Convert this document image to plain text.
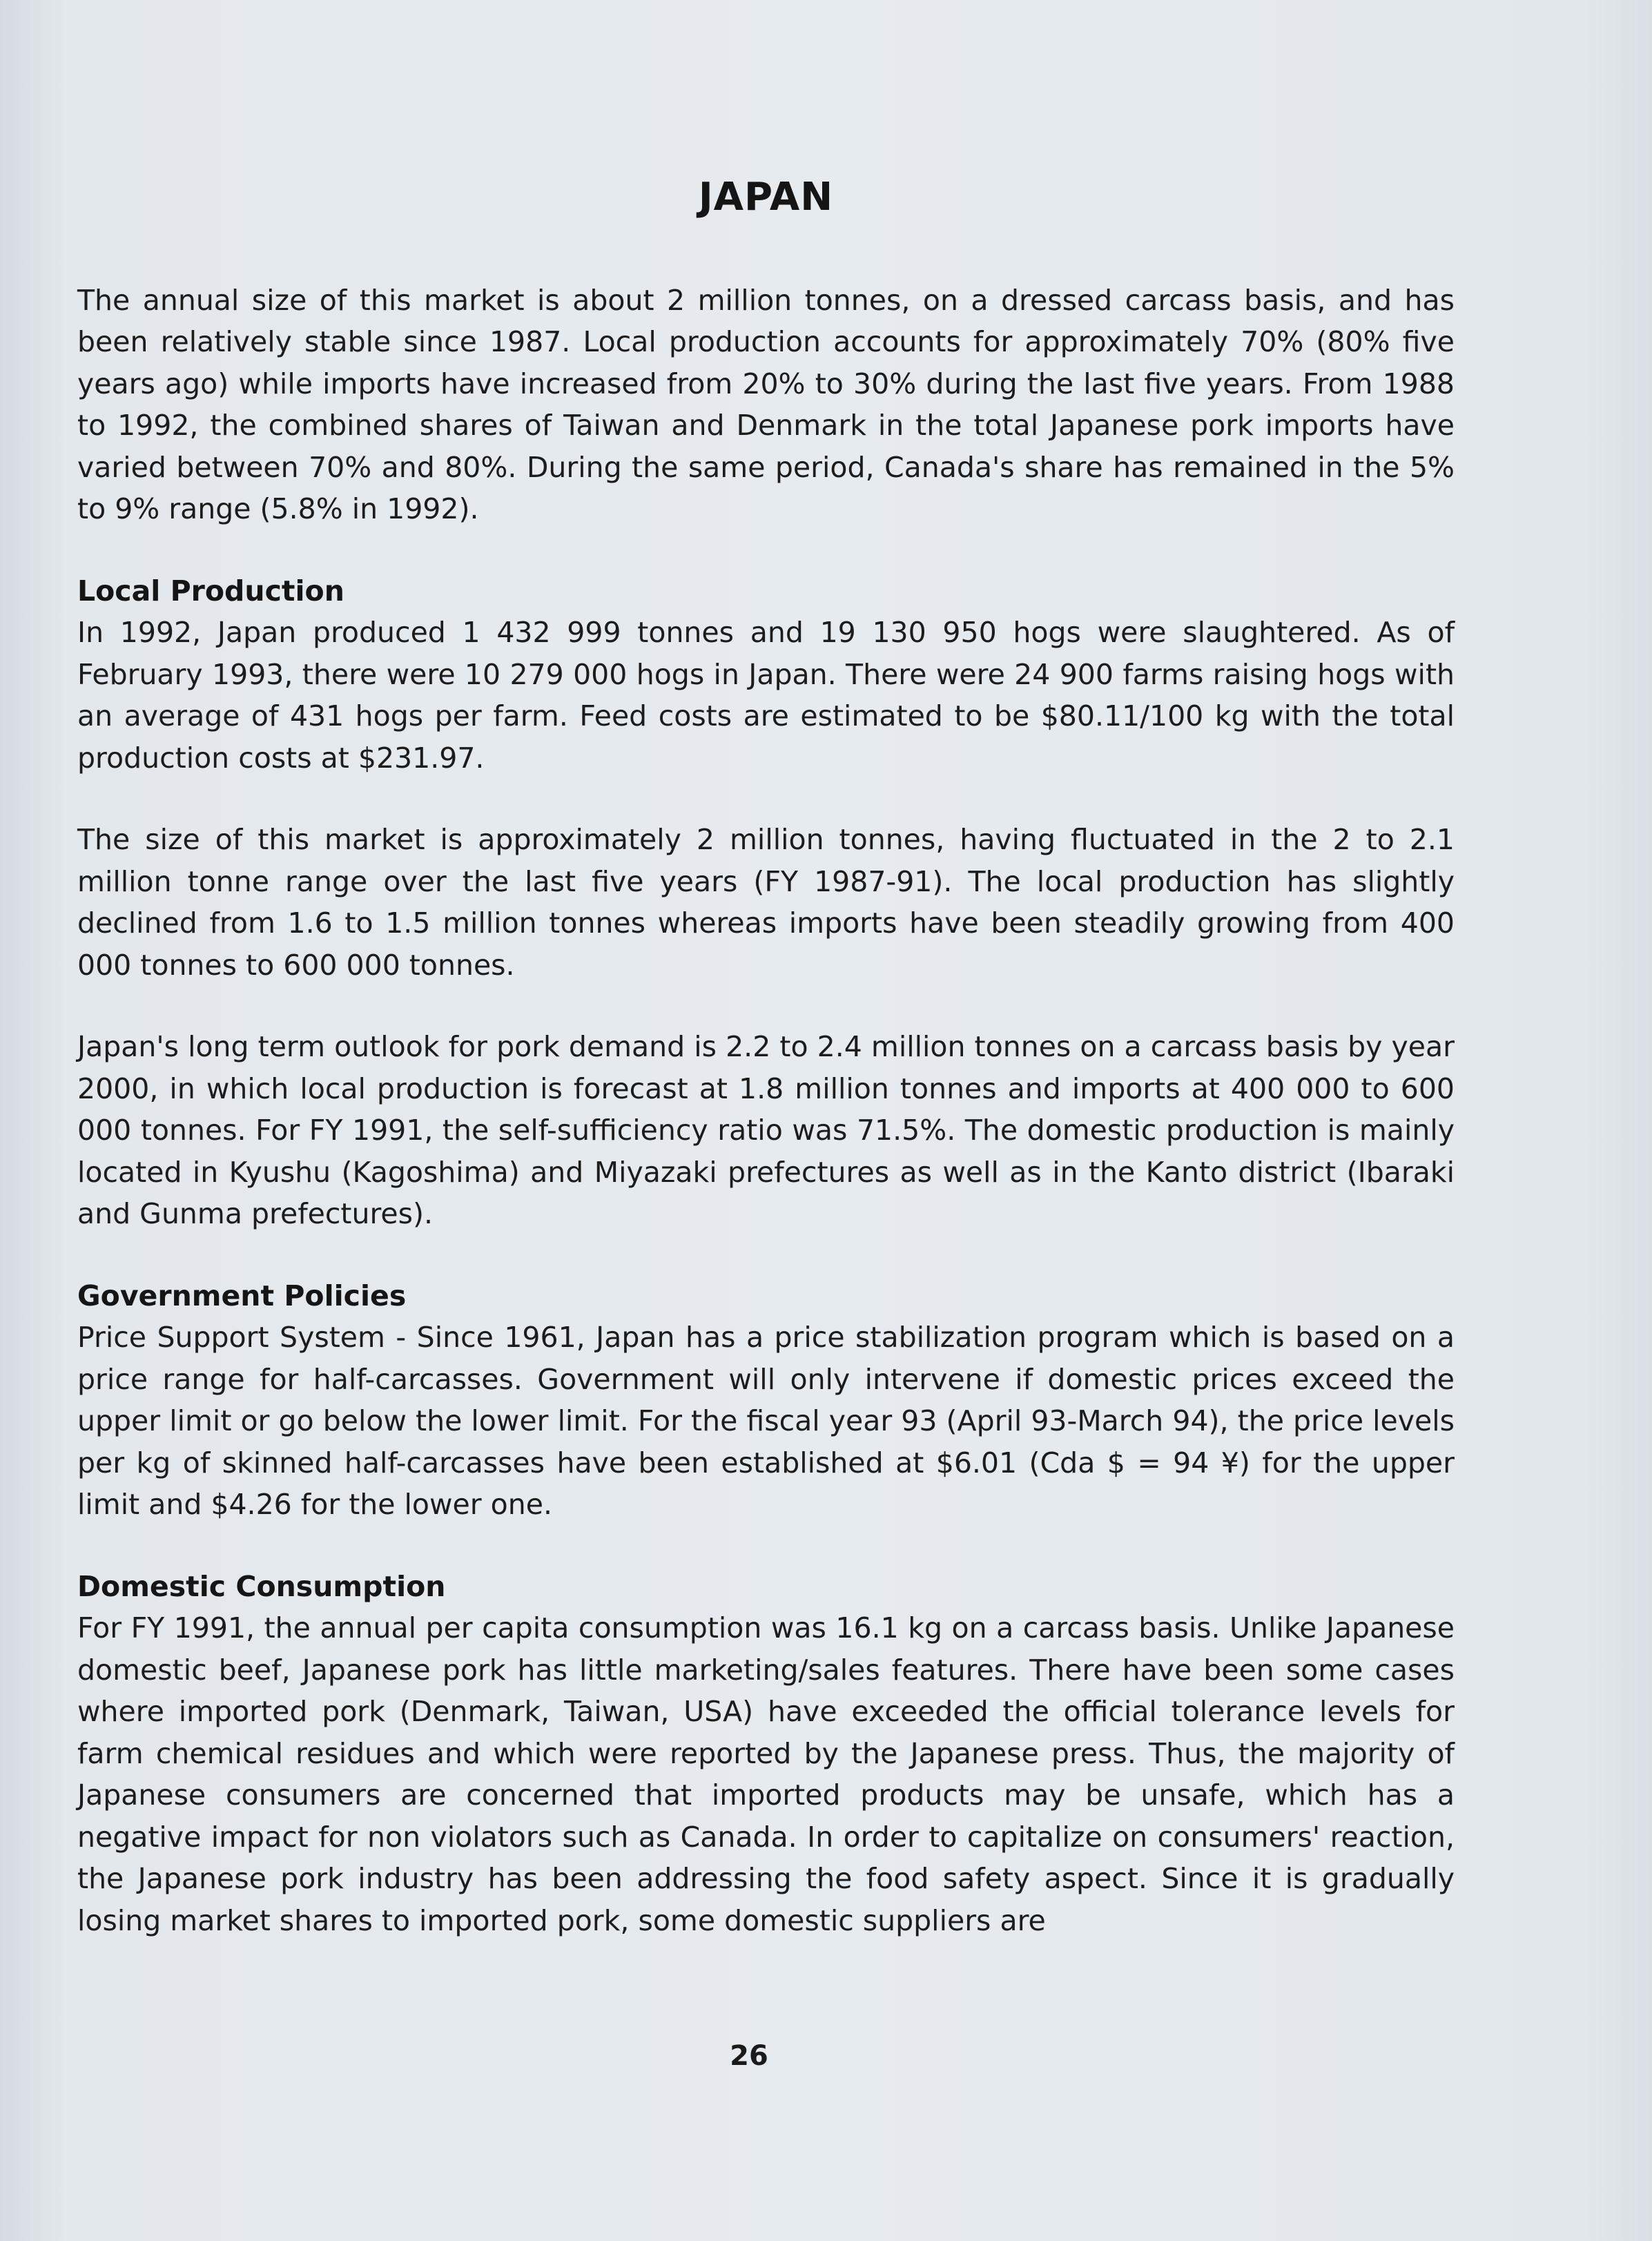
JAPAN

The annual size of this market is about 2 million tonnes, on a dressed carcass basis, and has been relatively stable since 1987. Local production accounts for approximately 70% (80% five years ago) while imports have increased from 20% to 30% during the last five years. From 1988 to 1992, the combined shares of Taiwan and Denmark in the total Japanese pork imports have varied between 70% and 80%. During the same period, Canada's share has remained in the 5% to 9% range (5.8% in 1992).

Local Production

In 1992, Japan produced 1 432 999 tonnes and 19 130 950 hogs were slaughtered. As of February 1993, there were 10 279 000 hogs in Japan. There were 24 900 farms raising hogs with an average of 431 hogs per farm. Feed costs are estimated to be $80.11/100 kg with the total production costs at $231.97.

The size of this market is approximately 2 million tonnes, having fluctuated in the 2 to 2.1 million tonne range over the last five years (FY 1987-91). The local production has slightly declined from 1.6 to 1.5 million tonnes whereas imports have been steadily growing from 400 000 tonnes to 600 000 tonnes.

Japan's long term outlook for pork demand is 2.2 to 2.4 million tonnes on a carcass basis by year 2000, in which local production is forecast at 1.8 million tonnes and imports at 400 000 to 600 000 tonnes. For FY 1991, the self-sufficiency ratio was 71.5%. The domestic production is mainly located in Kyushu (Kagoshima) and Miyazaki prefectures as well as in the Kanto district (Ibaraki and Gunma prefectures).

Government Policies

Price Support System - Since 1961, Japan has a price stabilization program which is based on a price range for half-carcasses. Government will only intervene if domestic prices exceed the upper limit or go below the lower limit. For the fiscal year 93 (April 93-March 94), the price levels per kg of skinned half-carcasses have been established at $6.01 (Cda $ = 94 ¥) for the upper limit and $4.26 for the lower one.

Domestic Consumption

For FY 1991, the annual per capita consumption was 16.1 kg on a carcass basis. Unlike Japanese domestic beef, Japanese pork has little marketing/sales features. There have been some cases where imported pork (Denmark, Taiwan, USA) have exceeded the official tolerance levels for farm chemical residues and which were reported by the Japanese press. Thus, the majority of Japanese consumers are concerned that imported products may be unsafe, which has a negative impact for non violators such as Canada. In order to capitalize on consumers' reaction, the Japanese pork industry has been addressing the food safety aspect. Since it is gradually losing market shares to imported pork, some domestic suppliers are

26
